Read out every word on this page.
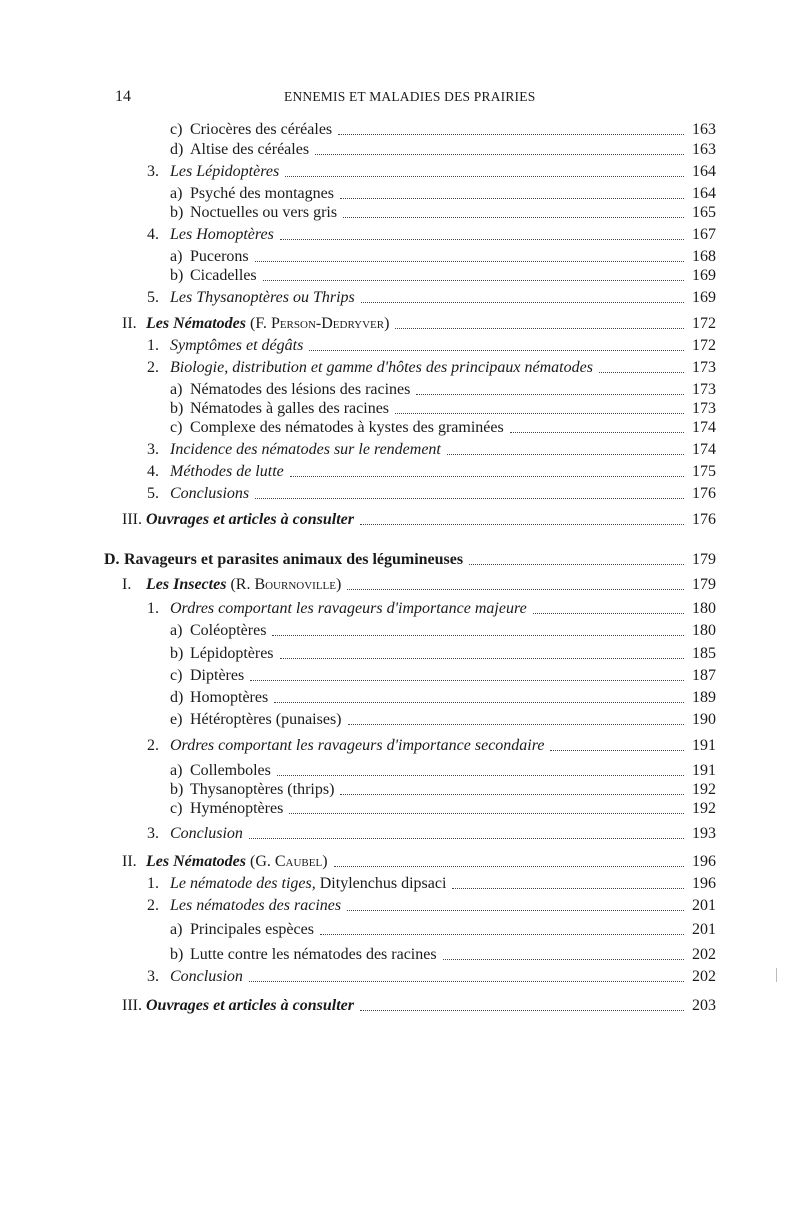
14	ENNEMIS ET MALADIES DES PRAIRIES
c) Criocères des céréales	163
d) Altise des céréales	163
3. Les Lépidoptères	164
a) Psyché des montagnes	164
b) Noctuelles ou vers gris	165
4. Les Homoptères	167
a) Pucerons	168
b) Cicadelles	169
5. Les Thysanoptères ou Thrips	169
II. Les Nématodes (F. Person-Dedryver)	172
1. Symptômes et dégâts	172
2. Biologie, distribution et gamme d'hôtes des principaux nématodes	173
a) Nématodes des lésions des racines	173
b) Nématodes à galles des racines	173
c) Complexe des nématodes à kystes des graminées	174
3. Incidence des nématodes sur le rendement	174
4. Méthodes de lutte	175
5. Conclusions	176
III. Ouvrages et articles à consulter	176
D. Ravageurs et parasites animaux des légumineuses	179
I. Les Insectes (R. Bournoville)	179
1. Ordres comportant les ravageurs d'importance majeure	180
a) Coléoptères	180
b) Lépidoptères	185
c) Diptères	187
d) Homoptères	189
e) Hétéroptères (punaises)	190
2. Ordres comportant les ravageurs d'importance secondaire	191
a) Collemboles	191
b) Thysanoptères (thrips)	192
c) Hyménoptères	192
3. Conclusion	193
II. Les Nématodes (G. Caubel)	196
1. Le nématode des tiges, Ditylenchus dipsaci	196
2. Les nématodes des racines	201
a) Principales espèces	201
b) Lutte contre les nématodes des racines	202
3. Conclusion	202
III. Ouvrages et articles à consulter	203
